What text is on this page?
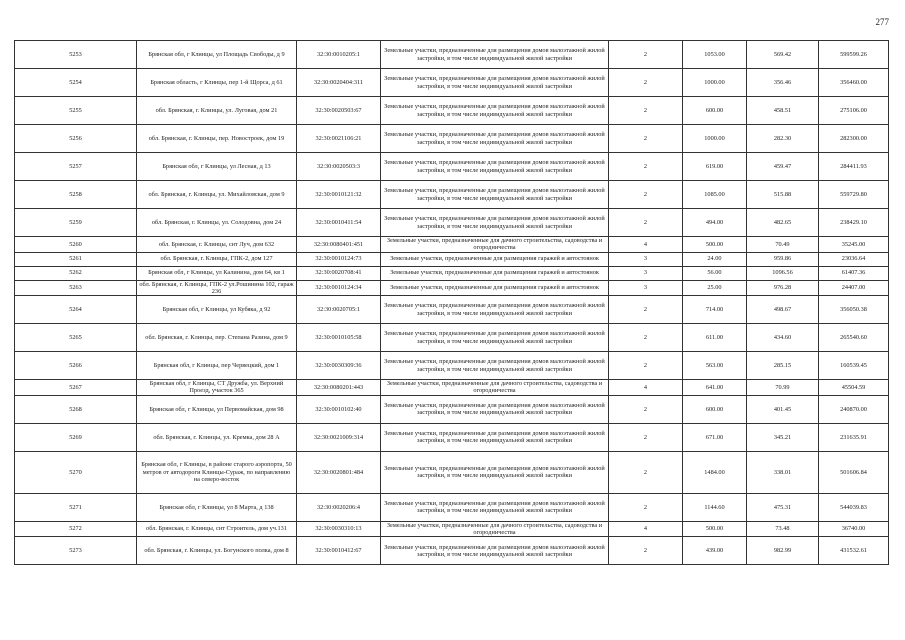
277
5253	Брянская обл, г Клинцы, ул Площадь Свободы, д 9	32:30:0010205:1	Земельные участки, предназначенные для размещения домов малоэтажной жилой застройки, в том числе индивидуальной жилой застройки	2	1053.00	569.42	599599.26
5254	Брянская область, г Клинцы, пер 1-й Щорса, д 61	32:30:0020404:311	Земельные участки, предназначенные для размещения домов малоэтажной жилой застройки, в том числе индивидуальной жилой застройки	2	1000.00	356.46	356460.00
5255	обл. Брянская, г. Клинцы, ул. Луговая, дом 21	32:30:0020503:67	Земельные участки, предназначенные для размещения домов малоэтажной жилой застройки, в том числе индивидуальной жилой застройки	2	600.00	458.51	275106.00
5256	обл. Брянская, г. Клинцы, пер. Новостроек, дом 19	32:30:0021106:21	Земельные участки, предназначенные для размещения домов малоэтажной жилой застройки, в том числе индивидуальной жилой застройки	2	1000.00	282.30	282300.00
5257	Брянская обл, г Клинцы, ул Лесная, д 13	32:30:0020503:3	Земельные участки, предназначенные для размещения домов малоэтажной жилой застройки, в том числе индивидуальной жилой застройки	2	619.00	459.47	284411.93
5258	обл. Брянская, г. Клинцы, ул. Михайловская, дом 9	32:30:0010121:32	Земельные участки, предназначенные для размещения домов малоэтажной жилой застройки, в том числе индивидуальной жилой застройки	2	1085.00	515.88	559729.80
5259	обл. Брянская, г. Клинцы, ул. Солодовна, дом 24	32:30:0010411:54	Земельные участки, предназначенные для размещения домов малоэтажной жилой застройки, в том числе индивидуальной жилой застройки	2	494.00	482.65	238429.10
5260	обл. Брянская, г. Клинцы, снт Луч, дом 632	32:30:0080401:451	Земельные участки, предназначенные для дачного строительства, садоводства и огородничества	4	500.00	70.49	35245.00
5261	обл. Брянская, г. Клинцы, ГПК-2, дом 127	32:30:0010124:73	Земельные участки, предназначенные для размещения гаражей и автостоянок	3	24.00	959.86	23036.64
5262	Брянская обл, г Клинцы, ул Калинина, дом 64, кв 1	32:30:0020708:41	Земельные участки, предназначенные для размещения гаражей и автостоянок	3	56.00	1096.56	61407.36
5263	обл. Брянская, г. Клинцы, ГПК-2 ул.Рошинина 102, гараж 236	32:30:0010124:34	Земельные участки, предназначенные для размещения гаражей и автостоянок	3	25.00	976.28	24407.00
5264	Брянская обл, г Клинцы, ул Кубяка, д 92	32:30:0020705:1	Земельные участки, предназначенные для размещения домов малоэтажной жилой застройки, в том числе индивидуальной жилой застройки	2	714.00	498.67	356050.38
5265	обл. Брянская, г. Клинцы, пер. Степана Разина, дом 9	32:30:0010105:58	Земельные участки, предназначенные для размещения домов малоэтажной жилой застройки, в том числе индивидуальной жилой застройки	2	611.00	434.60	265540.60
5266	Брянская обл, г Клинцы, пер Червецкий, дом 1	32:30:0030309:36	Земельные участки, предназначенные для размещения домов малоэтажной жилой застройки, в том числе индивидуальной жилой застройки	2	563.00	285.15	160539.45
5267	Брянская обл, г Клинцы, СТ Дружба, ул. Верхний Проезд, участок 365	32:30:0080201:443	Земельные участки, предназначенные для дачного строительства, садоводства и огородничества	4	641.00	70.99	45504.59
5268	Брянская обл, г Клинцы, ул Первомайская, дом 98	32:30:0010102:40	Земельные участки, предназначенные для размещения домов малоэтажной жилой застройки, в том числе индивидуальной жилой застройки	2	600.00	401.45	240870.00
5269	обл. Брянская, г. Клинцы, ул. Кремка, дом 28 А	32:30:0021009:314	Земельные участки, предназначенные для размещения домов малоэтажной жилой застройки, в том числе индивидуальной жилой застройки	2	671.00	345.21	231635.91
5270	Брянская обл, г Клинцы, в районе старого аэропорта, 50 метров от автодороги Клинцы-Сураж, по направлению на северо-восток	32:30:0020801:484	Земельные участки, предназначенные для размещения домов малоэтажной жилой застройки, в том числе индивидуальной жилой застройки	2	1484.00	338.01	501606.84
5271	Брянская обл, г Клинцы, ул 8 Марта, д 138	32:30:0020206:4	Земельные участки, предназначенные для размещения домов малоэтажной жилой застройки, в том числе индивидуальной жилой застройки	2	1144.60	475.31	544039.83
5272	обл. Брянская, г. Клинцы, снт Строитель, дом уч.131	32:30:0030310:13	Земельные участки, предназначенные для дачного строительства, садоводства и огородничества	4	500.00	73.48	36740.00
5273	обл. Брянская, г. Клинцы, ул. Богунского полка, дом 8	32:30:0010412:67	Земельные участки, предназначенные для размещения домов малоэтажной жилой застройки, в том числе индивидуальной жилой застройки	2	439.00	982.99	431532.61
